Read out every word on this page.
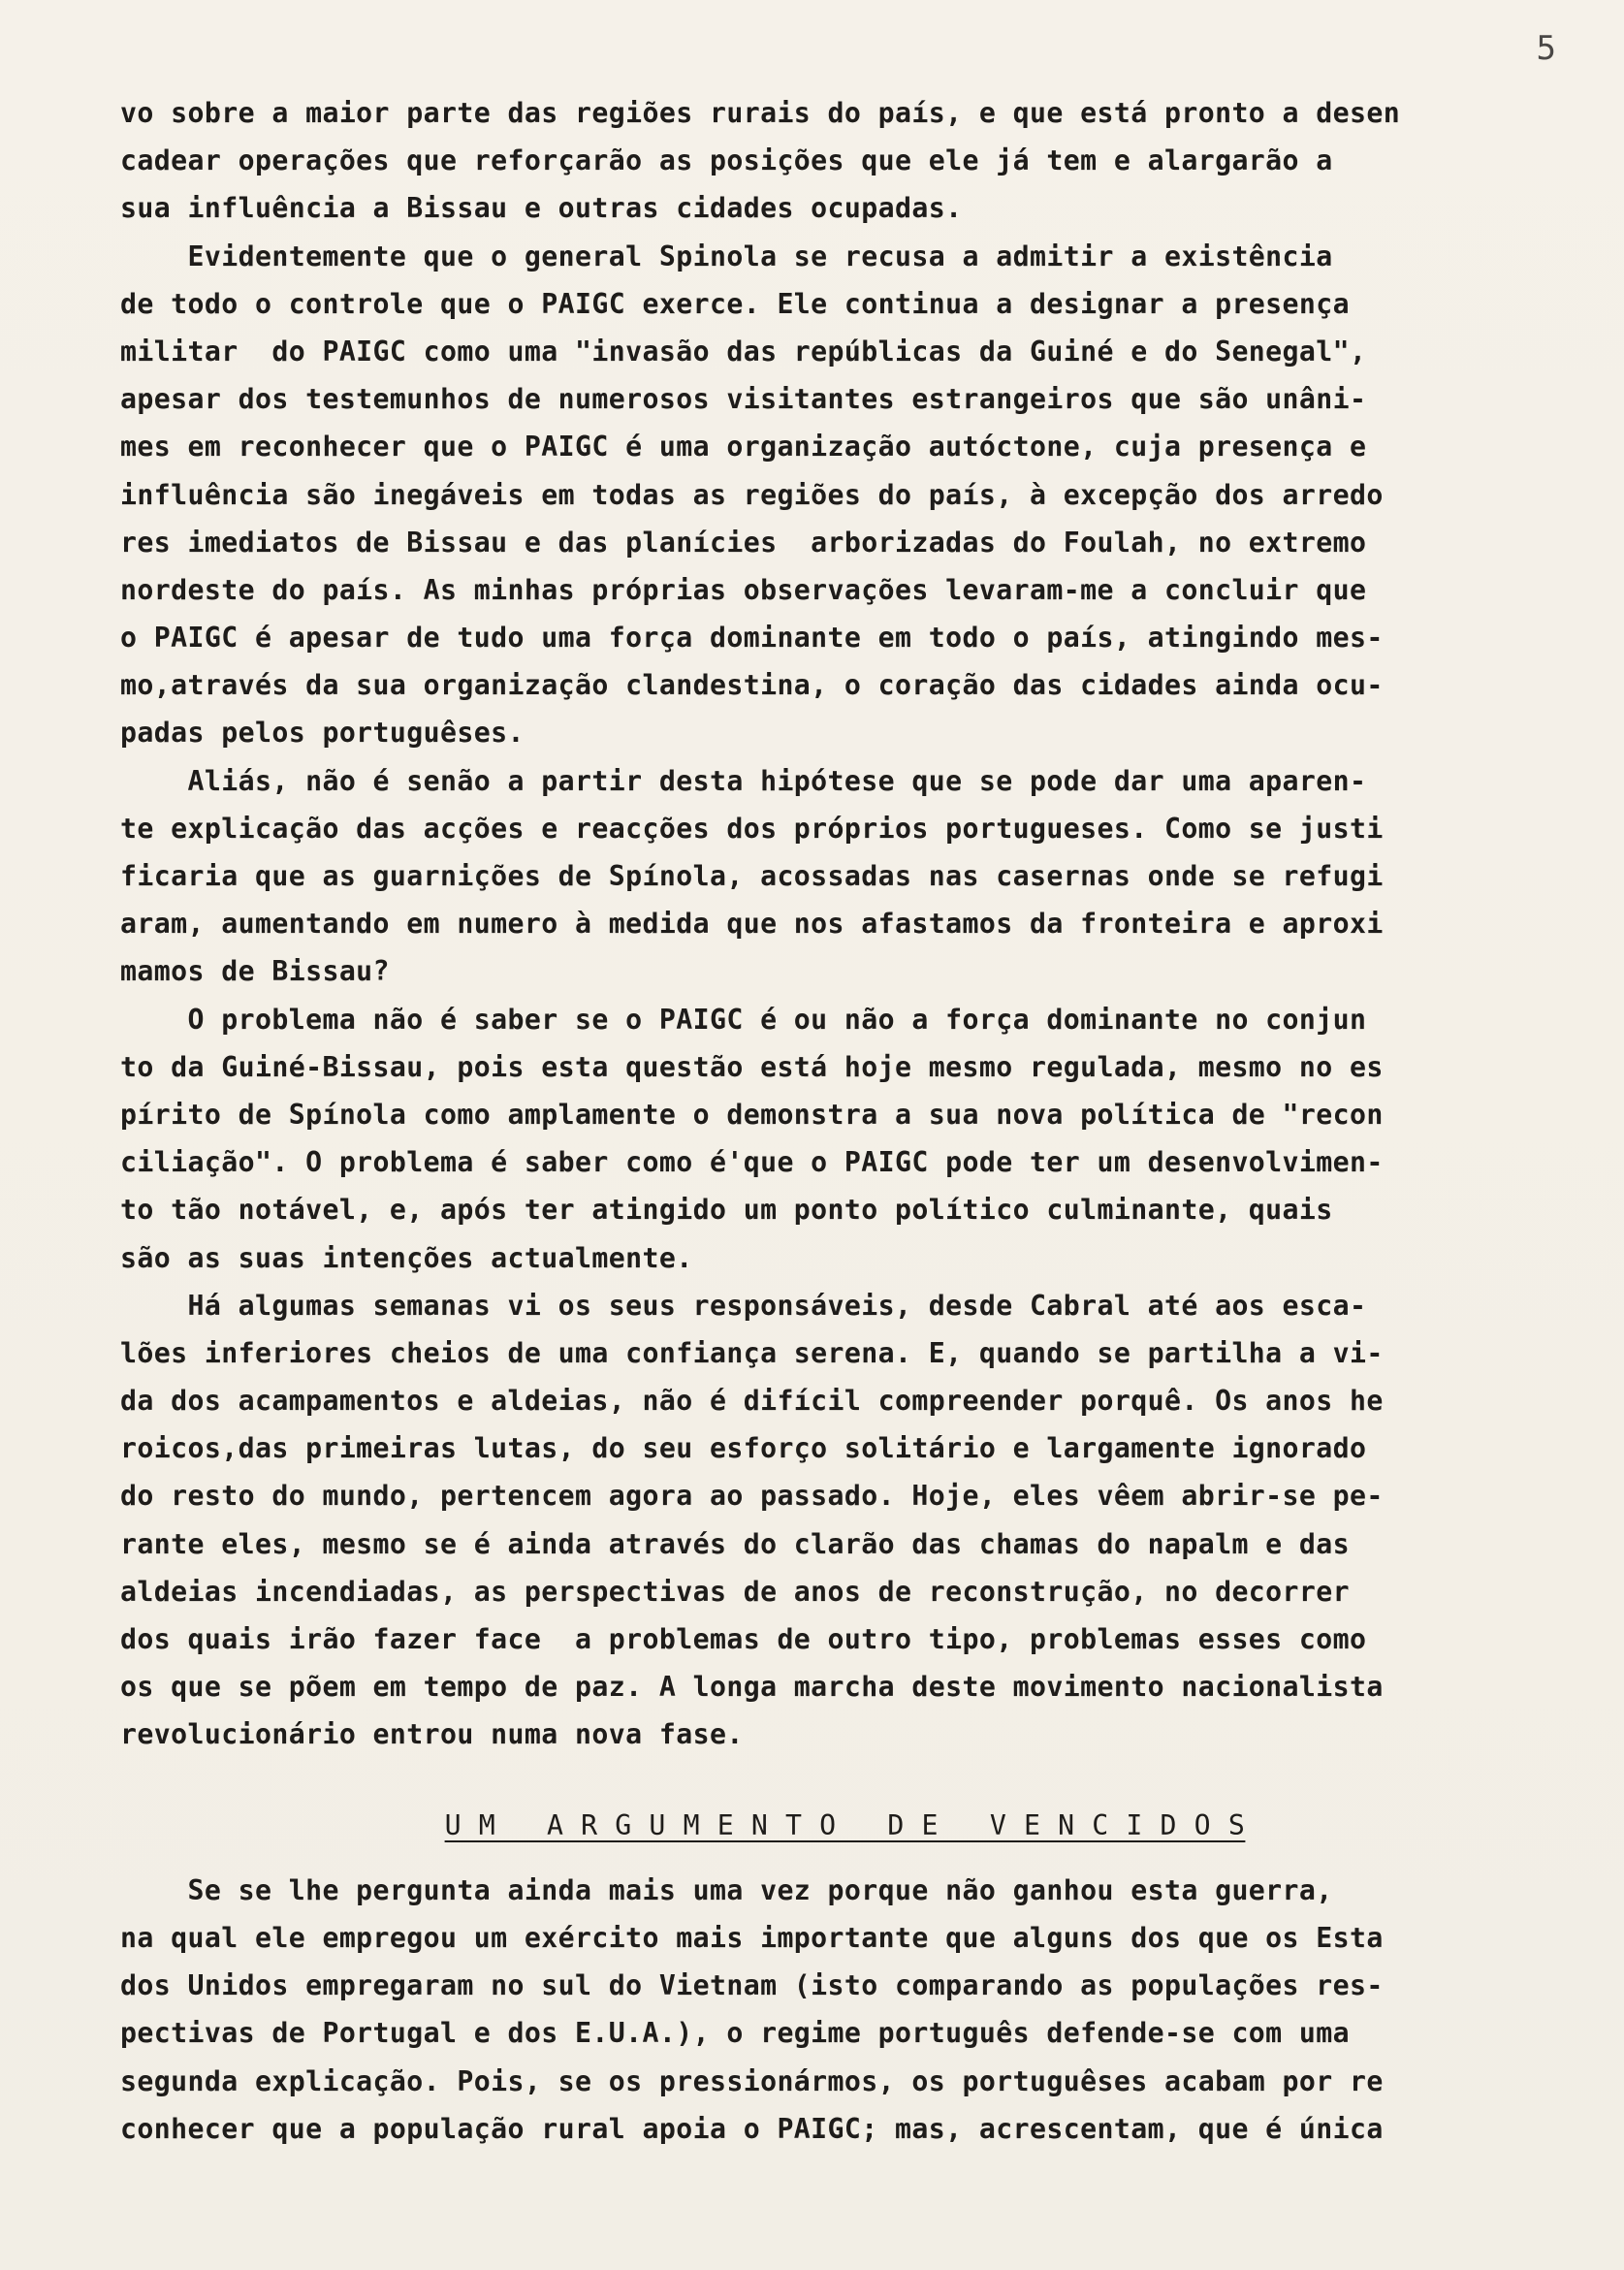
5
vo sobre a maior parte das regiões rurais do país, e que está pronto a desen
cadear operações que reforçarão as posições que ele já tem e alargarão a
sua influência a Bissau e outras cidades ocupadas.
Evidentemente que o general Spinola se recusa a admitir a existência
de todo o controle que o PAIGC exerce. Ele continua a designar a presença
militar  do PAIGC como uma "invasão das repúblicas da Guiné e do Senegal",
apesar dos testemunhos de numerosos visitantes estrangeiros que são unâni-
mes em reconhecer que o PAIGC é uma organização autóctone, cuja presença e
influência são inegáveis em todas as regiões do país, à excepção dos arredo
res imediatos de Bissau e das planícies  arborizadas do Foulah, no extremo
nordeste do país. As minhas próprias observações levaram-me a concluir que
o PAIGC é apesar de tudo uma força dominante em todo o país, atingindo mes-
mo,através da sua organização clandestina, o coração das cidades ainda ocu-
padas pelos portuguêses.
Aliás, não é senão a partir desta hipótese que se pode dar uma aparen-
te explicação das acções e reacções dos próprios portugueses. Como se justi
ficaria que as guarnições de Spínola, acossadas nas casernas onde se refugi
aram, aumentando em numero à medida que nos afastamos da fronteira e aproxi
mamos de Bissau?
O problema não é saber se o PAIGC é ou não a força dominante no conjun
to da Guiné-Bissau, pois esta questão está hoje mesmo regulada, mesmo no es
pírito de Spínola como amplamente o demonstra a sua nova política de "recon
ciliação". O problema é saber como é'que o PAIGC pode ter um desenvolvimen-
to tão notável, e, após ter atingido um ponto político culminante, quais
são as suas intenções actualmente.
Há algumas semanas vi os seus responsáveis, desde Cabral até aos esca-
lões inferiores cheios de uma confiança serena. E, quando se partilha a vi-
da dos acampamentos e aldeias, não é difícil compreender porquê. Os anos he
roicos,das primeiras lutas, do seu esforço solitário e largamente ignorado
do resto do mundo, pertencem agora ao passado. Hoje, eles vêem abrir-se pe-
rante eles, mesmo se é ainda através do clarão das chamas do napalm e das
aldeias incendiadas, as perspectivas de anos de reconstrução, no decorrer
dos quais irão fazer face  a problemas de outro tipo, problemas esses como
os que se põem em tempo de paz. A longa marcha deste movimento nacionalista
revolucionário entrou numa nova fase.
U M   A R G U M E N T O   D E   V E N C I D O S
Se se lhe pergunta ainda mais uma vez porque não ganhou esta guerra,
na qual ele empregou um exército mais importante que alguns dos que os Esta
dos Unidos empregaram no sul do Vietnam (isto comparando as populações res-
pectivas de Portugal e dos E.U.A.), o regime português defende-se com uma
segunda explicação. Pois, se os pressionármos, os portuguêses acabam por re
conhecer que a população rural apoia o PAIGC; mas, acrescentam, que é única
